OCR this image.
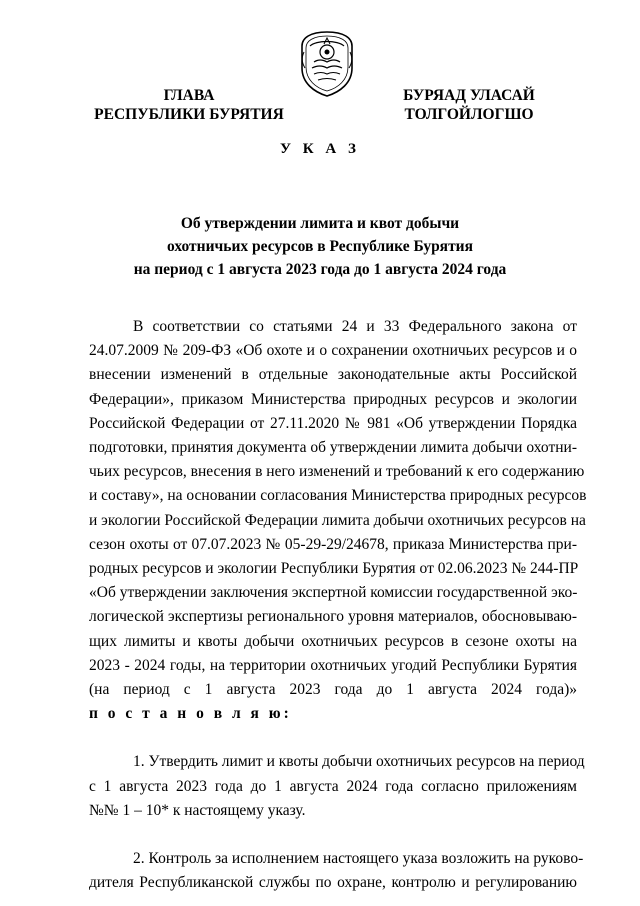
ГЛАВА
РЕСПУБЛИКИ БУРЯТИЯ
БУРЯАД УЛАСАЙ
ТОЛГОЙЛОГШО
У К А З
Об утверждении лимита и квот добычи
охотничьих ресурсов в Республике Бурятия
на период с 1 августа 2023 года до 1 августа 2024 года
В соответствии со статьями 24 и 33 Федерального закона от
24.07.2009 № 209-ФЗ «Об охоте и о сохранении охотничьих ресурсов и о
внесении изменений в отдельные законодательные акты Российской
Федерации», приказом Министерства природных ресурсов и экологии
Российской Федерации от 27.11.2020 № 981 «Об утверждении Порядка
подготовки, принятия документа об утверждении лимита добычи охотни-
чьих ресурсов, внесения в него изменений и требований к его содержанию
и составу», на основании согласования Министерства природных ресурсов
и экологии Российской Федерации лимита добычи охотничьих ресурсов на
сезон охоты от 07.07.2023 № 05-29-29/24678, приказа Министерства при-
родных ресурсов и экологии Республики Бурятия от 02.06.2023 № 244-ПР
«Об утверждении заключения экспертной комиссии государственной эко-
логической экспертизы регионального уровня материалов, обосновываю-
щих лимиты и квоты добычи охотничьих ресурсов в сезоне охоты на
2023 - 2024 годы, на территории охотничьих угодий Республики Бурятия
(на период с 1 августа 2023 года до 1 августа 2024 года)»
п о с т а н о в л я ю:
1. Утвердить лимит и квоты добычи охотничьих ресурсов на период
с 1 августа 2023 года до 1 августа 2024 года согласно приложениям
№№ 1 – 10* к настоящему указу.
2. Контроль за исполнением настоящего указа возложить на руково-
дителя Республиканской службы по охране, контролю и регулированию
